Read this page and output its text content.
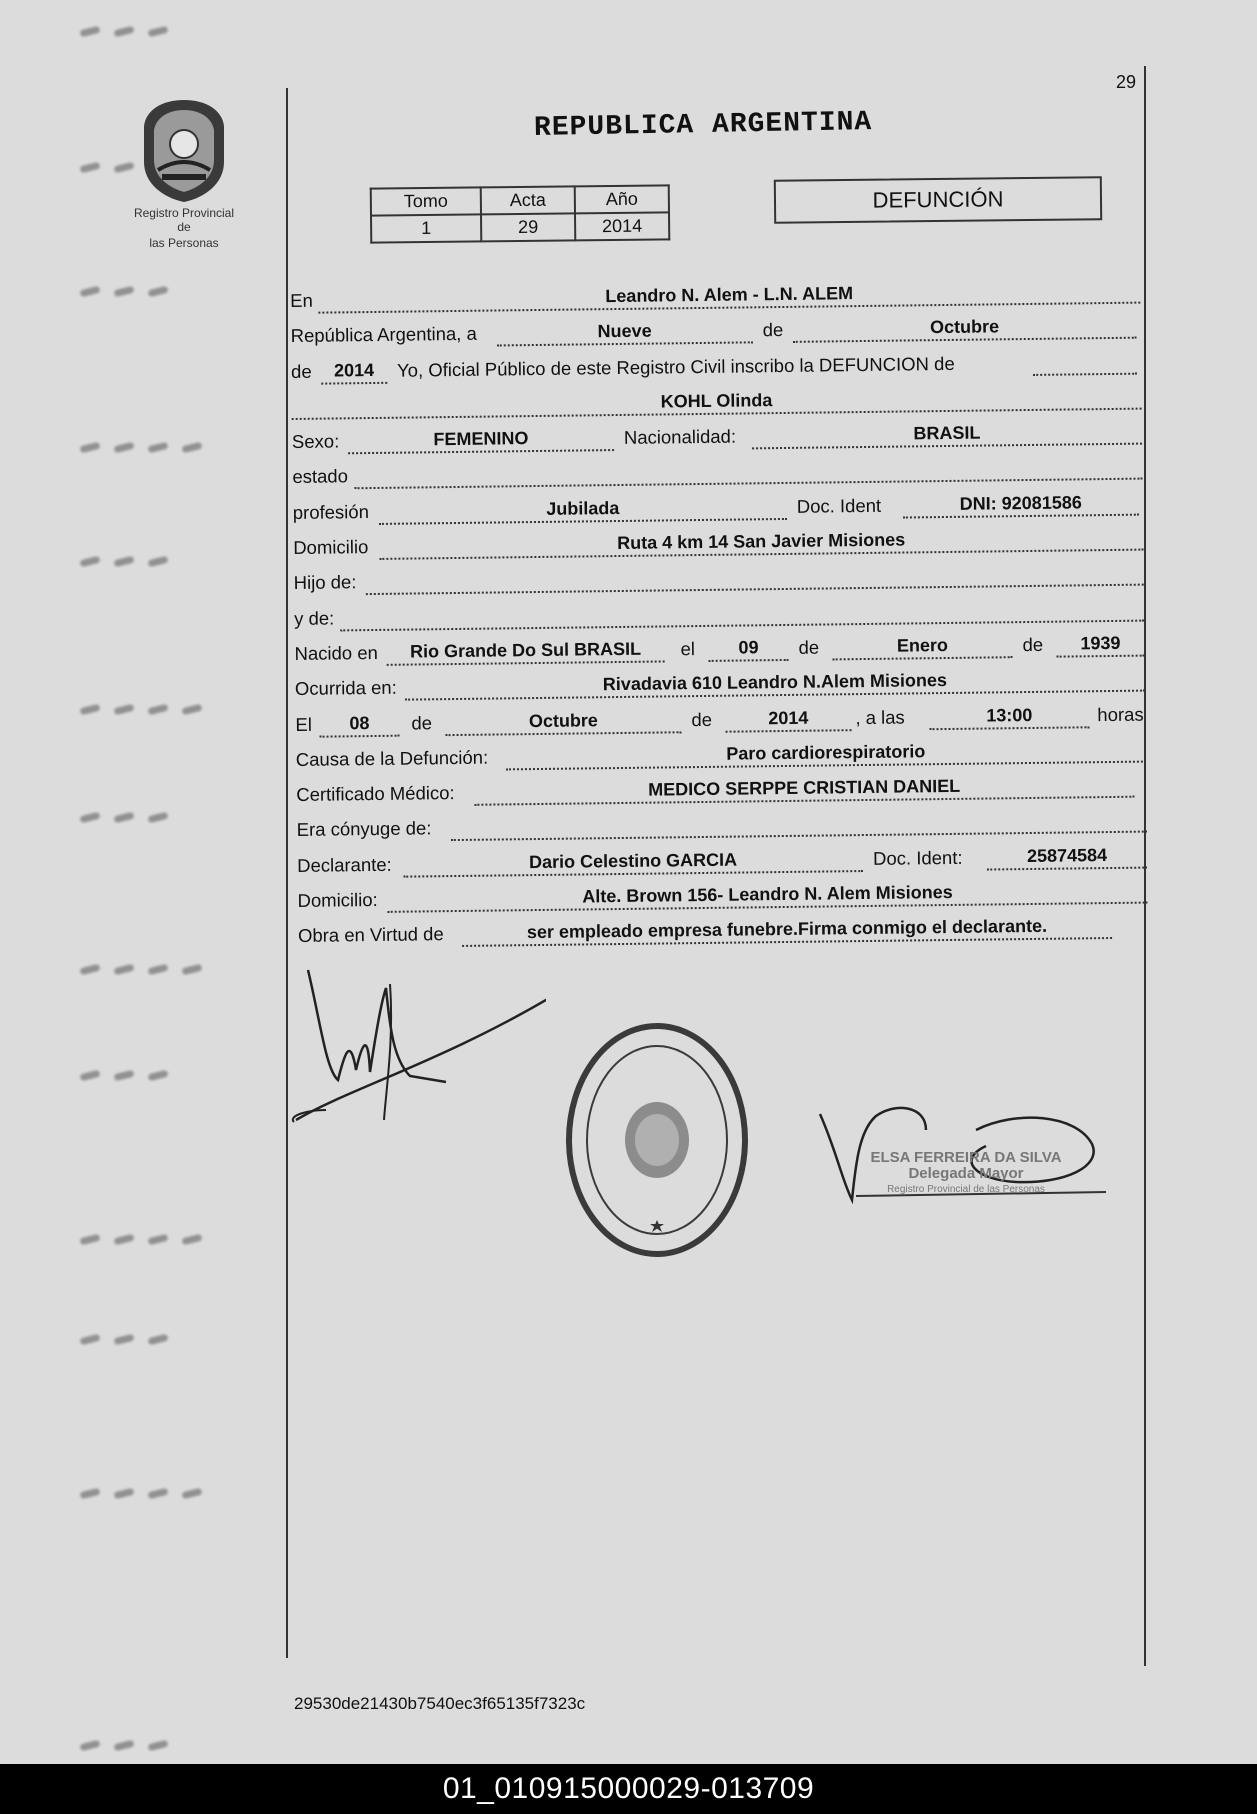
29
Registro Provincial de
las Personas
REPUBLICA ARGENTINA
Tomo	Acta	Año
1	29	2014
DEFUNCIÓN
En	Leandro N. Alem - L.N. ALEM
República Argentina, a	Nueve	de	Octubre
de	2014	Yo, Oficial Público de este Registro Civil inscribo la DEFUNCION de
KOHL Olinda
Sexo:	FEMENINO	Nacionalidad:	BRASIL
estado
profesión	Jubilada	Doc. Ident	DNI: 92081586
Domicilio	Ruta 4 km 14 San Javier Misiones
Hijo de:
y de:
Nacido en	Rio Grande Do Sul BRASIL	el	09	de	Enero	de	1939
Ocurrida en:	Rivadavia 610 Leandro N.Alem Misiones
El	08	de	Octubre	de	2014	, a las	13:00	horas
Causa de la Defunción:	Paro cardiorespiratorio
Certificado Médico:	MEDICO SERPPE CRISTIAN DANIEL
Era cónyuge de:
Declarante:	Dario Celestino GARCIA	Doc. Ident:	25874584
Domicilio:	Alte. Brown 156- Leandro N. Alem Misiones
Obra en Virtud de	ser empleado empresa funebre.Firma conmigo el declarante.
ELSA FERREIRA DA SILVA
Delegada Mayor
Registro Provincial de las Personas
29530de21430b7540ec3f65135f7323c
01_010915000029-013709
